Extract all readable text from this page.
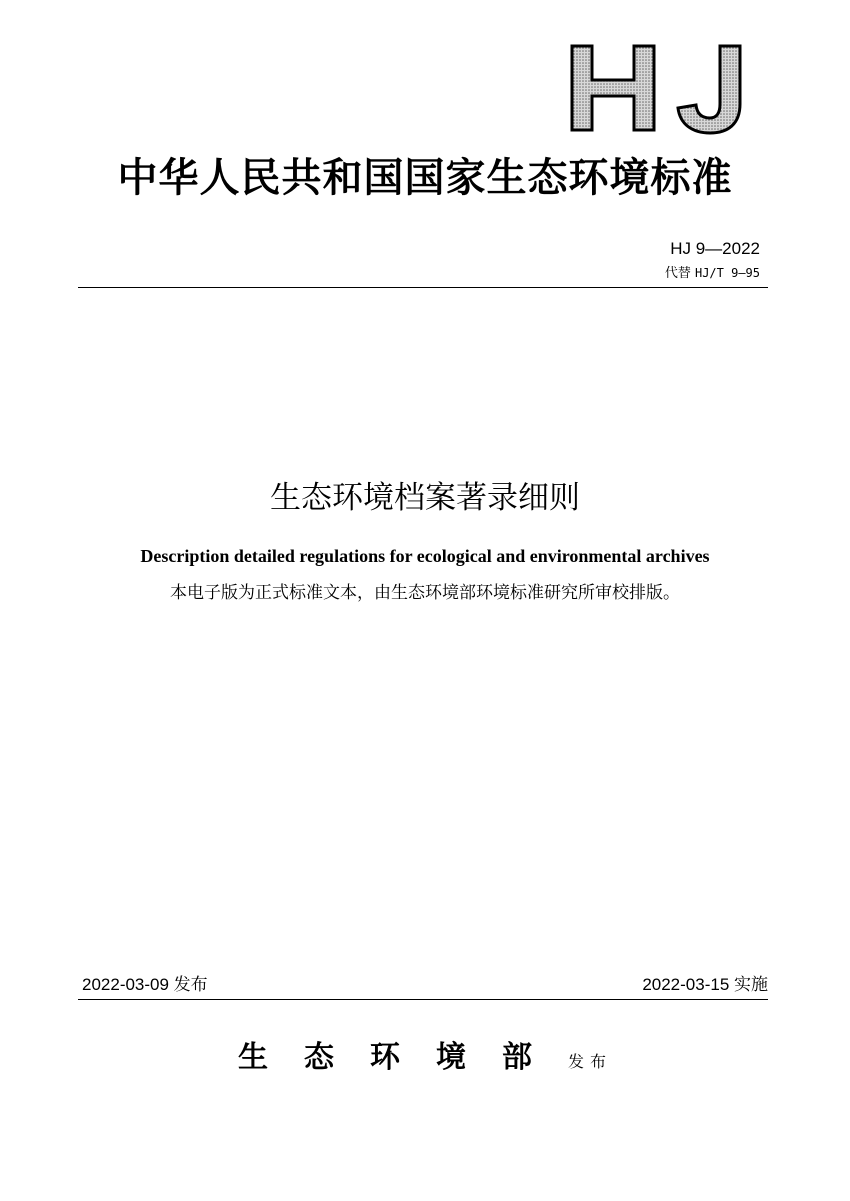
中华人民共和国国家生态环境标准
HJ 9—2022
代替 HJ/T 9—95
生态环境档案著录细则
Description detailed regulations for ecological and environmental archives
本电子版为正式标准文本，由生态环境部环境标准研究所审校排版。
2022-03-09 发布	2022-03-15 实施
生态环境部发布
